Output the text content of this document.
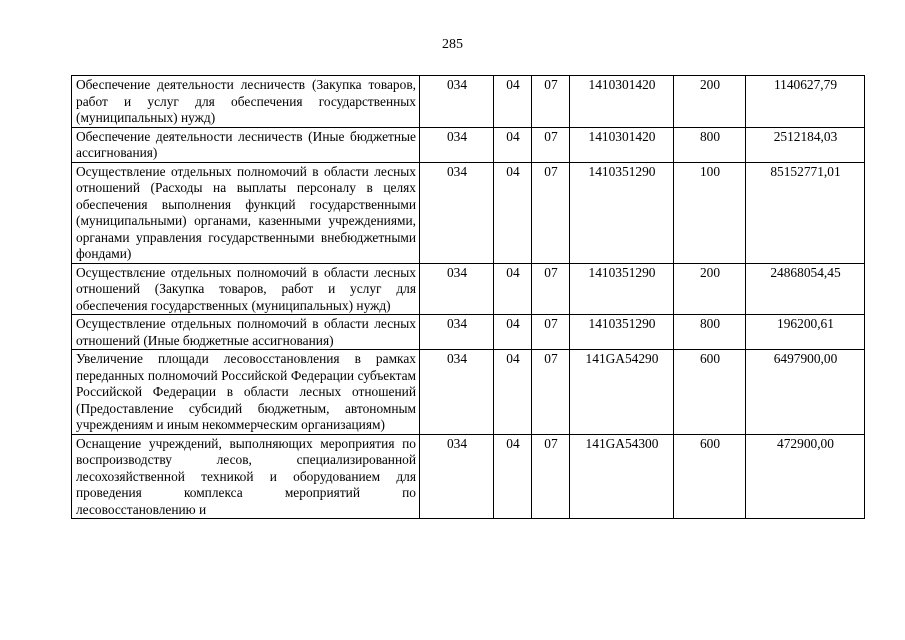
285
Обеспечение деятельности лесничеств (Закупка товаров, работ и услуг для обеспечения государственных (муниципальных) нужд)	034	04	07	1410301420	200	1140627,79
Обеспечение деятельности лесничеств (Иные бюджетные ассигнования)	034	04	07	1410301420	800	2512184,03
Осуществление отдельных полномочий в области лесных отношений (Расходы на выплаты персоналу в целях обеспечения выполнения функций государственными (муниципальными) органами, казенными учреждениями, органами управления государственными внебюджетными фондами)	034	04	07	1410351290	100	85152771,01
Осуществлєние отдельных полномочий в области лесных отношений (Закупка товаров, работ и услуг для обеспечения государственных (муниципальных) нужд)	034	04	07	1410351290	200	24868054,45
Осуществление отдельных полномочий в области лесных отношений (Иные бюджетные ассигнования)	034	04	07	1410351290	800	196200,61
Увеличение площади лесовосстановления в рамках переданных полномочий Российской Федерации субъектам Российской Федерации в области лесных отношений (Предоставление субсидий бюджетным, автономным учреждениям и иным некоммерческим организациям)	034	04	07	141GA54290	600	6497900,00
Оснащение учреждений, выполняющих мероприятия по воспроизводству лесов, специализированной лесохозяйственной техникой и оборудованием для проведения комплекса мероприятий по лесовосстановлению и	034	04	07	141GA54300	600	472900,00
